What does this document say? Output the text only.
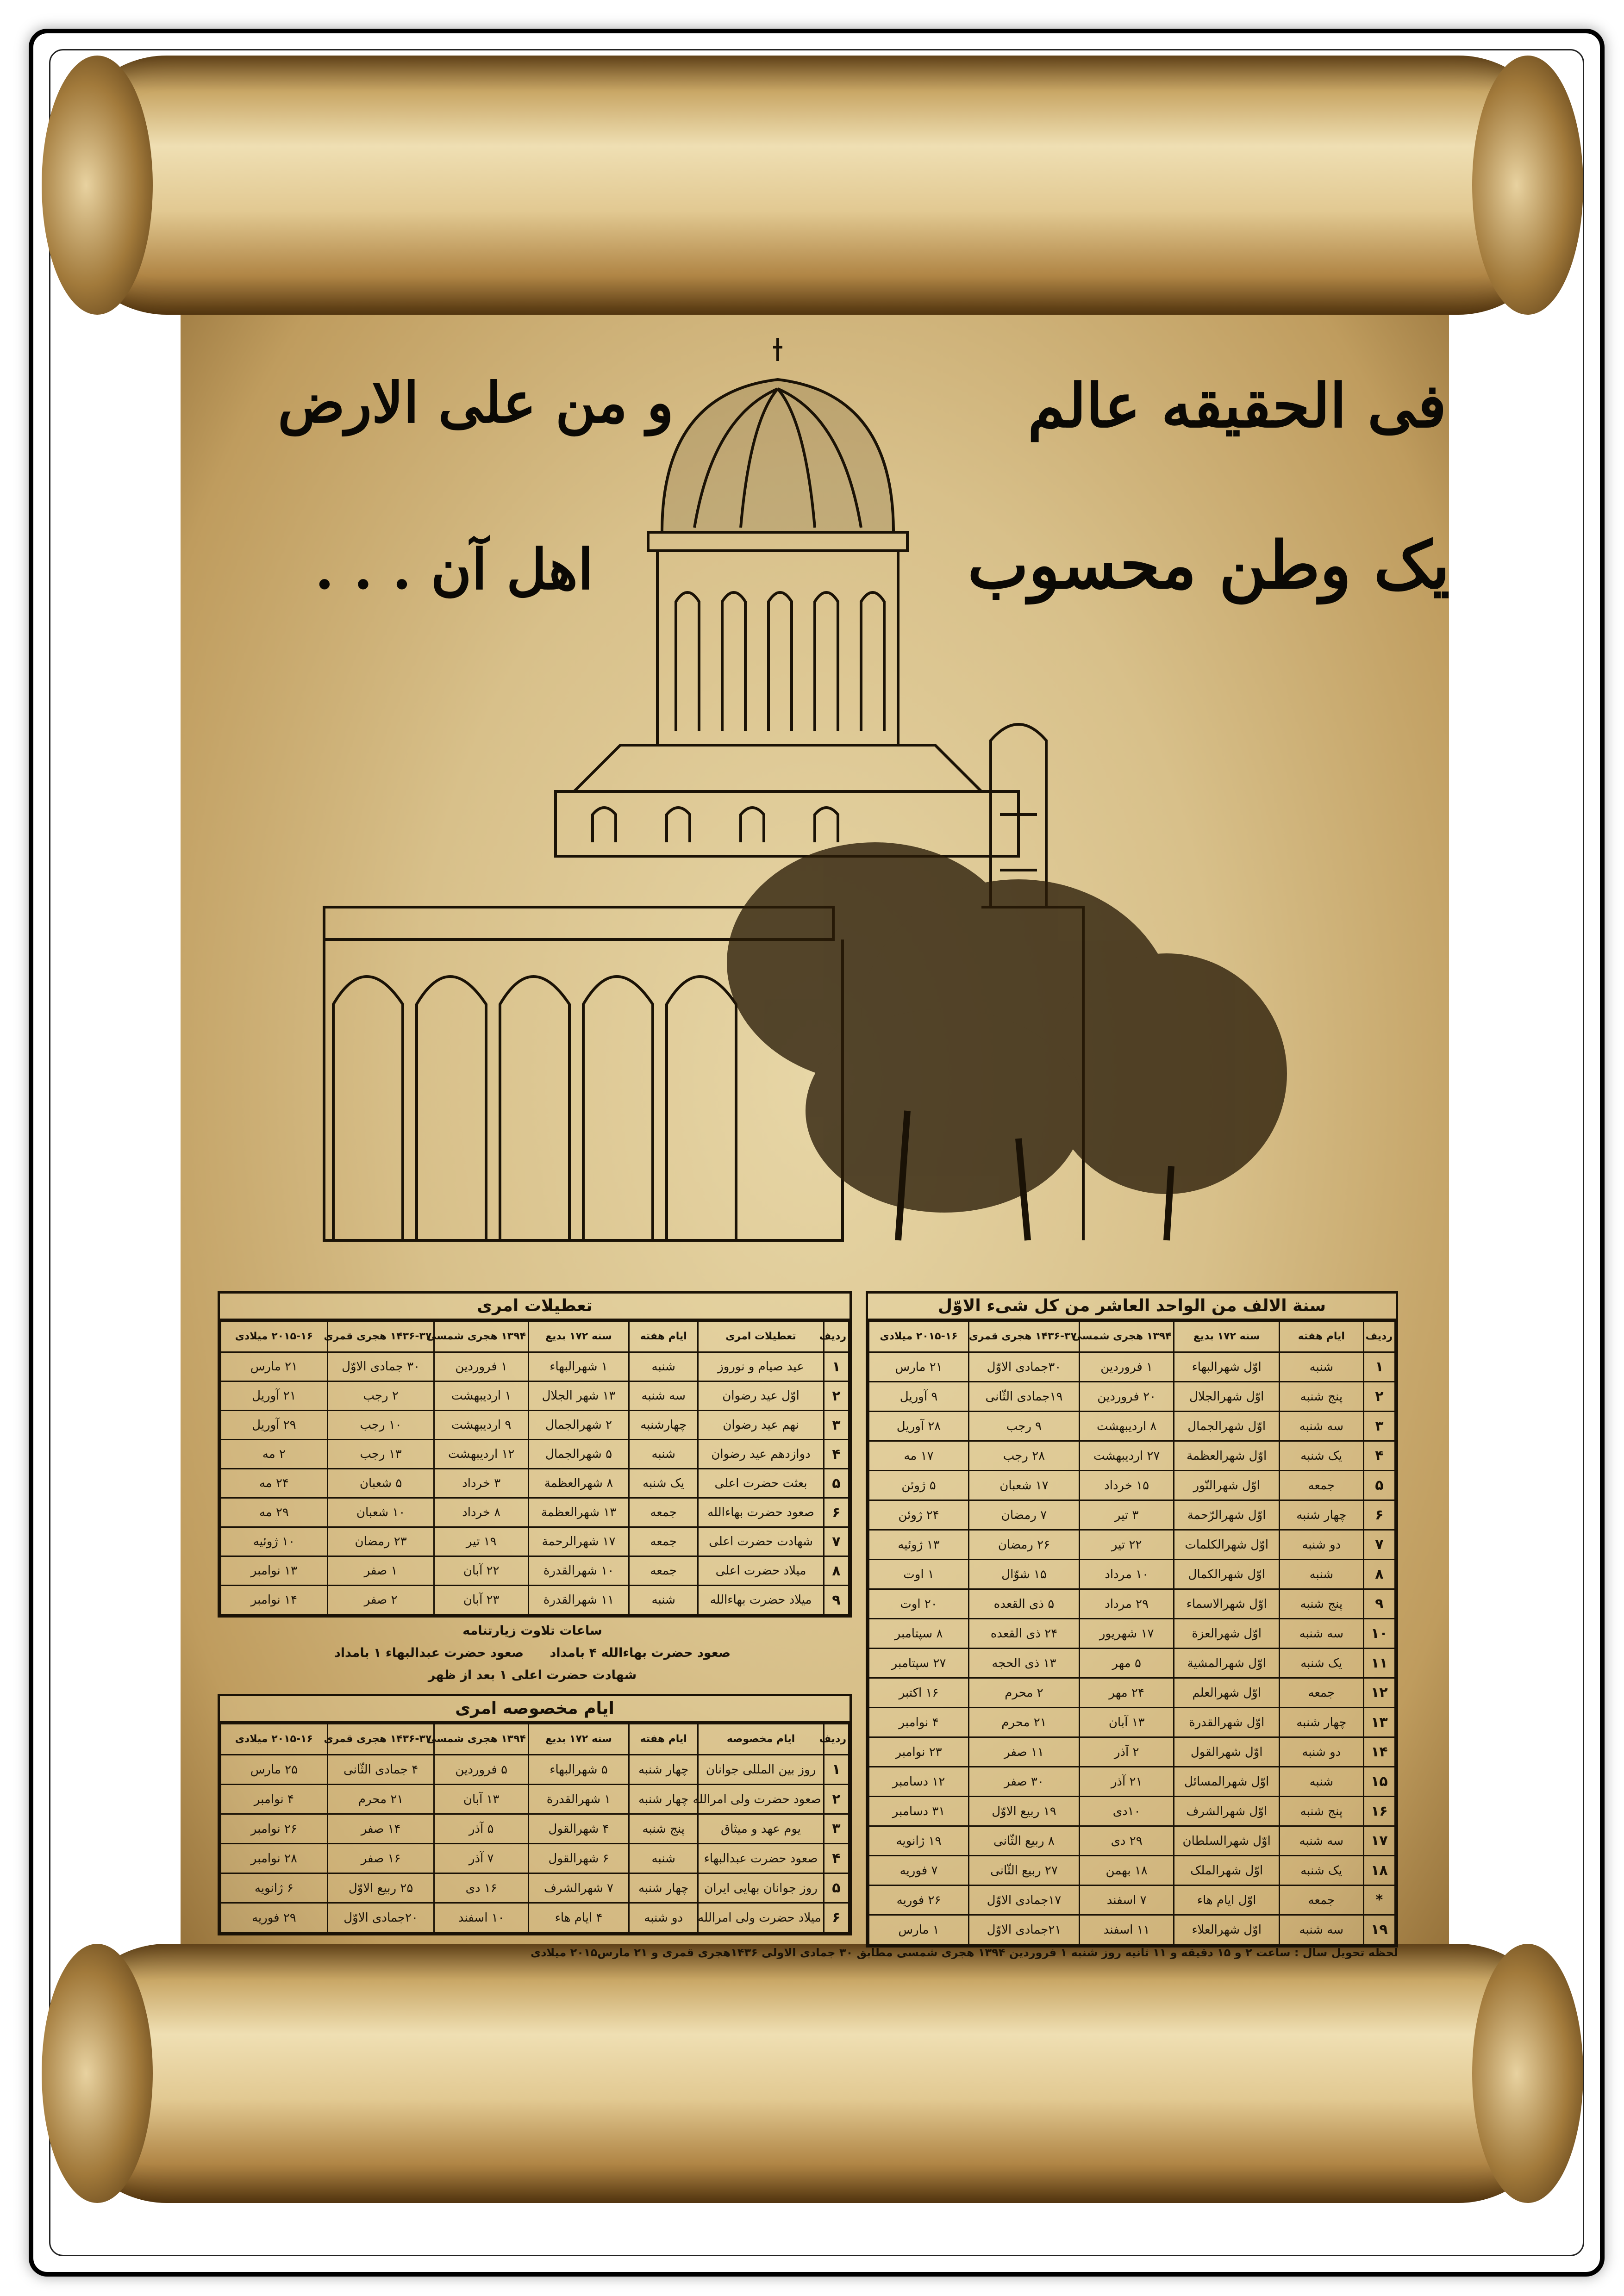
فى الحقيقه عالم
يک وطن محسوب
و من على الارض
اهل آن . . .
سنة الالف من الواحد العاشر من کل شیء الاوّل
رديف	ايام هفته	سنه ۱۷۲ بديع	۱۳۹۴ هجری شمسی	۱۴۳۶-۳۷ هجری قمری	۲۰۱۵-۱۶ ميلادی
۱	شنبه	اوّل شهرالبهاء	۱ فروردين	۳۰جمادی الاوّل	۲۱ مارس
۲	پنج شنبه	اوّل شهرالجلال	۲۰ فروردين	۱۹جمادی الثّانی	۹ آوريل
۳	سه شنبه	اوّل شهرالجمال	۸ ارديبهشت	۹ رجب	۲۸ آوريل
۴	يک شنبه	اوّل شهرالعظمة	۲۷ ارديبهشت	۲۸ رجب	۱۷ مه
۵	جمعه	اوّل شهرالنّور	۱۵ خرداد	۱۷ شعبان	۵ ژوئن
۶	چهار شنبه	اوّل شهرالرّحمة	۳ تير	۷ رمضان	۲۴ ژوئن
۷	دو شنبه	اوّل شهرالکلمات	۲۲ تير	۲۶ رمضان	۱۳ ژوئيه
۸	شنبه	اوّل شهرالکمال	۱۰ مرداد	۱۵ شوّال	۱ اوت
۹	پنج شنبه	اوّل شهرالاسماء	۲۹ مرداد	۵ ذی القعده	۲۰ اوت
۱۰	سه شنبه	اوّل شهرالعزة	۱۷ شهريور	۲۴ ذی القعده	۸ سپتامبر
۱۱	يک شنبه	اوّل شهرالمشية	۵ مهر	۱۳ ذی الحجه	۲۷ سپتامبر
۱۲	جمعه	اوّل شهرالعلم	۲۴ مهر	۲ محرم	۱۶ اکتبر
۱۳	چهار شنبه	اوّل شهرالقدرة	۱۳ آبان	۲۱ محرم	۴ نوامبر
۱۴	دو شنبه	اوّل شهرالقول	۲ آذر	۱۱ صفر	۲۳ نوامبر
۱۵	شنبه	اوّل شهرالمسائل	۲۱ آذر	۳۰ صفر	۱۲ دسامبر
۱۶	پنج شنبه	اوّل شهرالشرف	۱۰دی	۱۹ ربيع الاوّل	۳۱ دسامبر
۱۷	سه شنبه	اوّل شهرالسلطان	۲۹ دی	۸ ربيع الثّانی	۱۹ ژانويه
۱۸	يک شنبه	اوّل شهرالملک	۱۸ بهمن	۲۷ ربيع الثّانی	۷ فوريه
*	جمعه	اوّل ايام هاء	۷ اسفند	۱۷جمادی الاوّل	۲۶ فوريه
۱۹	سه شنبه	اوّل شهرالعلاء	۱۱ اسفند	۲۱جمادی الاوّل	۱ مارس
تعطيلات امری
رديف	تعطيلات امری	ايام هفته	سنه ۱۷۲ بديع	۱۳۹۴ هجری شمسی	۱۴۳۶-۳۷ هجری قمری	۲۰۱۵-۱۶ ميلادی
۱	عيد صيام و نوروز	شنبه	۱ شهرالبهاء	۱ فروردين	۳۰ جمادی الاوّل	۲۱ مارس
۲	اوّل عيد رضوان	سه شنبه	۱۳ شهر الجلال	۱ ارديبهشت	۲ رجب	۲۱ آوريل
۳	نهم عيد رضوان	چهارشنبه	۲ شهرالجمال	۹ ارديبهشت	۱۰ رجب	۲۹ آوريل
۴	دوازدهم عيد رضوان	شنبه	۵ شهرالجمال	۱۲ ارديبهشت	۱۳ رجب	۲ مه
۵	بعثت حضرت اعلی	يک شنبه	۸ شهرالعظمة	۳ خرداد	۵ شعبان	۲۴ مه
۶	صعود حضرت بهاءالله	جمعه	۱۳ شهرالعظمة	۸ خرداد	۱۰ شعبان	۲۹ مه
۷	شهادت حضرت اعلی	جمعه	۱۷ شهرالرحمة	۱۹ تير	۲۳ رمضان	۱۰ ژوئيه
۸	ميلاد حضرت اعلی	جمعه	۱۰ شهرالقدرة	۲۲ آبان	۱ صفر	۱۳ نوامبر
۹	ميلاد حضرت بهاءالله	شنبه	۱۱ شهرالقدرة	۲۳ آبان	۲ صفر	۱۴ نوامبر
ساعات تلاوت زيارتنامه
صعود حضرت بهاءالله ۴ بامداد      صعود حضرت عبدالبهاء ۱ بامداد
شهادت حضرت اعلی ۱ بعد از ظهر
ايام مخصوصه امری
رديف	ايام مخصوصه	ايام هفته	سنه ۱۷۲ بديع	۱۳۹۴ هجری شمسی	۱۴۳۶-۳۷ هجری قمری	۲۰۱۵-۱۶ ميلادی
۱	روز بين المللی جوانان	چهار شنبه	۵ شهرالبهاء	۵ فروردين	۴ جمادی الثّانی	۲۵ مارس
۲	صعود حضرت ولی امرالله	چهار شنبه	۱ شهرالقدرة	۱۳ آبان	۲۱ محرم	۴ نوامبر
۳	يوم عهد و ميثاق	پنج شنبه	۴ شهرالقول	۵ آذر	۱۴ صفر	۲۶ نوامبر
۴	صعود حضرت عبدالبهاء	شنبه	۶ شهرالقول	۷ آذر	۱۶ صفر	۲۸ نوامبر
۵	روز جوانان بهايی ايران	چهار شنبه	۷ شهرالشرف	۱۶ دی	۲۵ ربيع الاوّل	۶ ژانويه
۶	ميلاد حضرت ولی امرالله	دو شنبه	۴ ايام هاء	۱۰ اسفند	۲۰جمادی الاوّل	۲۹ فوريه
لحظه تحويل سال : ساعت ۲ و ۱۵ دقيقه و ۱۱ ثانيه روز شنبه ۱ فروردين ۱۳۹۴ هجری شمسی مطابق ۳۰ جمادی الاولی ۱۴۳۶هجری قمری و ۲۱ مارس۲۰۱۵ ميلادی
